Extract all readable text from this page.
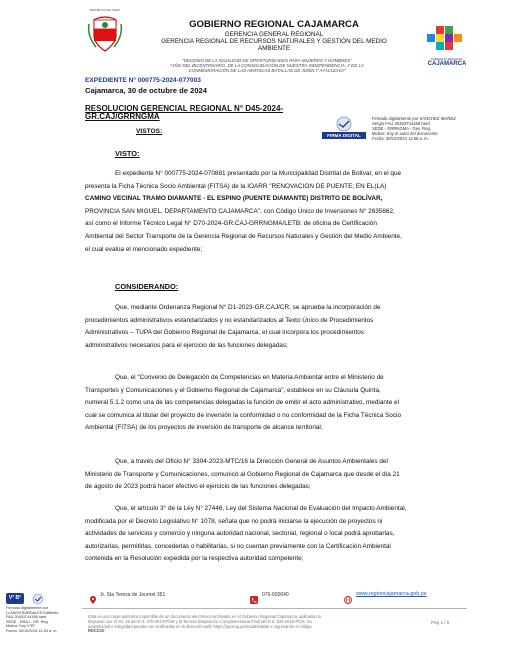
REPÚBLICA DEL PERÚ
GOBIERNO REGIONAL CAJAMARCA
GERENCIA GENERAL REGIONAL
GERENCIA REGIONAL DE RECURSOS NATURALES Y GESTIÓN DEL MEDIO
AMBIENTE
"DECENIO DE LA IGUALDAD DE OPORTUNIDADES PARA MUJERES Y HOMBRES"
"AÑO DEL BICENTENARIO, DE LA CONSOLIDACIÓN DE NUESTRA INDEPENDENCIA, Y DE LA
CONMEMORACIÓN DE LAS HEROICAS BATALLAS DE JUNÍN Y AYACUCHO"
GOBIERNO REGIONAL
CAJAMARCA
EXPEDIENTE N° 000775-2024-077003
Cajamarca, 30 de octubre de 2024
RESOLUCION GERENCIAL REGIONAL N° D45-2024-
GR.CAJ/GRRNGMA
FIRMA DIGITAL
Firmado digitalmente por SANCHEZ IBAÑEZ
Sergio FAU 20453744168 hard
SEDE - GRRNGMA - Gev. Reg.
Motivo: Soy el autor del documento
Fecha: 30/10/2024 11:55 a. m.
VISTOS:
VISTO:
El expediente N° 000775-2024-070881 presentado por la Municipalidad Distrital de Bolívar, en el que
presenta la Ficha Técnica Socio Ambiental (FITSA) de la IOARR "RENOVACION DE PUENTE; EN EL(LA)
CAMINO VECINAL TRAMO DIAMANTE - EL ESPINO (PUENTE DIAMANTE) DISTRITO DE BOLÍVAR,
PROVINCIA SAN MIGUEL, DEPARTAMENTO CAJAMARCA", con Código Único de Inversiones N° 2635662,
así como el Informe Técnico Legal N° D70-2024-GR.CAJ-GRRNGMA/LETB; de oficina de Certificación
Ambiental del Sector Transporte de la Gerencia Regional de Recursos Naturales y Gestión del Medio Ambiente,
el cual evalúa el mencionado expediente;
CONSIDERANDO:
Que, mediante Ordenanza Regional N° D1-2023-GR.CAJ/CR, se aprueba la incorporación de
procedimientos administrativos estandarizados y no estandarizados al Texto Único de Procedimientos
Administrativos – TUPA del Gobierno Regional de Cajamarca, el cual incorpora los procedimientos
administrativos necesarios para el ejercicio de las funciones delegadas;
Que, el "Convenio de Delegación de Competencias en Materia Ambiental entre el Ministerio de
Transportes y Comunicaciones y el Gobierno Regional de Cajamarca", establece en su Cláusula Quinta,
numeral 5.1.2 como una de las competencias delegadas la función de emitir el acto administrativo, mediante el
cual se comunica al titular del proyecto de inversión la conformidad o no conformidad de la Ficha Técnica Socio
Ambiental (FITSA) de los proyectos de inversión de transporte de alcance territorial;
Que, a través del Oficio N° 3304-2023-MTC/16 la Dirección General de Asuntos Ambientales del
Ministerio de Transporte y Comunicaciones, comunicó al Gobierno Regional de Cajamarca que desde el día 21
de agosto de 2023 podrá hacer efectivo el ejercicio de las funciones delegadas;
Que, el artículo 3° de la Ley N° 27446, Ley del Sistema Nacional de Evaluación del Impacto Ambiental,
modificada por el Decreto Legislativo N° 1078, señala que no podrá iniciarse la ejecución de proyectos ni
actividades de servicios y comercio y ninguna autoridad nacional, sectorial, regional o local podrá aprobarlas,
autorizarlas, permitirlas, concederlas o habilitarlas, si no cuentan previamente con la Certificación Ambiental
contenida en la Resolución expedida por la respectiva autoridad competente;
Jr. Sta Teresa de Journet 351	076-600040	www.regioncajamarca.gob.pe
Esta es una copia auténtica imprimible de un documento electrónico archivado en el Gobierno Regional Cajamarca, aplicando lo
dispuesto por el Art. 25 del D.S. 070-2013-PCM y la Tercera Disposición Complementaria Final del D.S. 026-2016-PCM. Su
autenticidad e integridad pueden ser verificadas en la dirección web: https://gorecaj.pe/mad3/validar e ingresando el código
RDCD10
Pág 1 / 5
V° B°
Firmado digitalmente por
LLANOS BARDALES Edilberto
FAU 20453744168 hard
SEDE - DRAJ - DR. Reg.
Motivo: Doy V°B°
Fecha: 30/10/2024 11:53 a. m.
